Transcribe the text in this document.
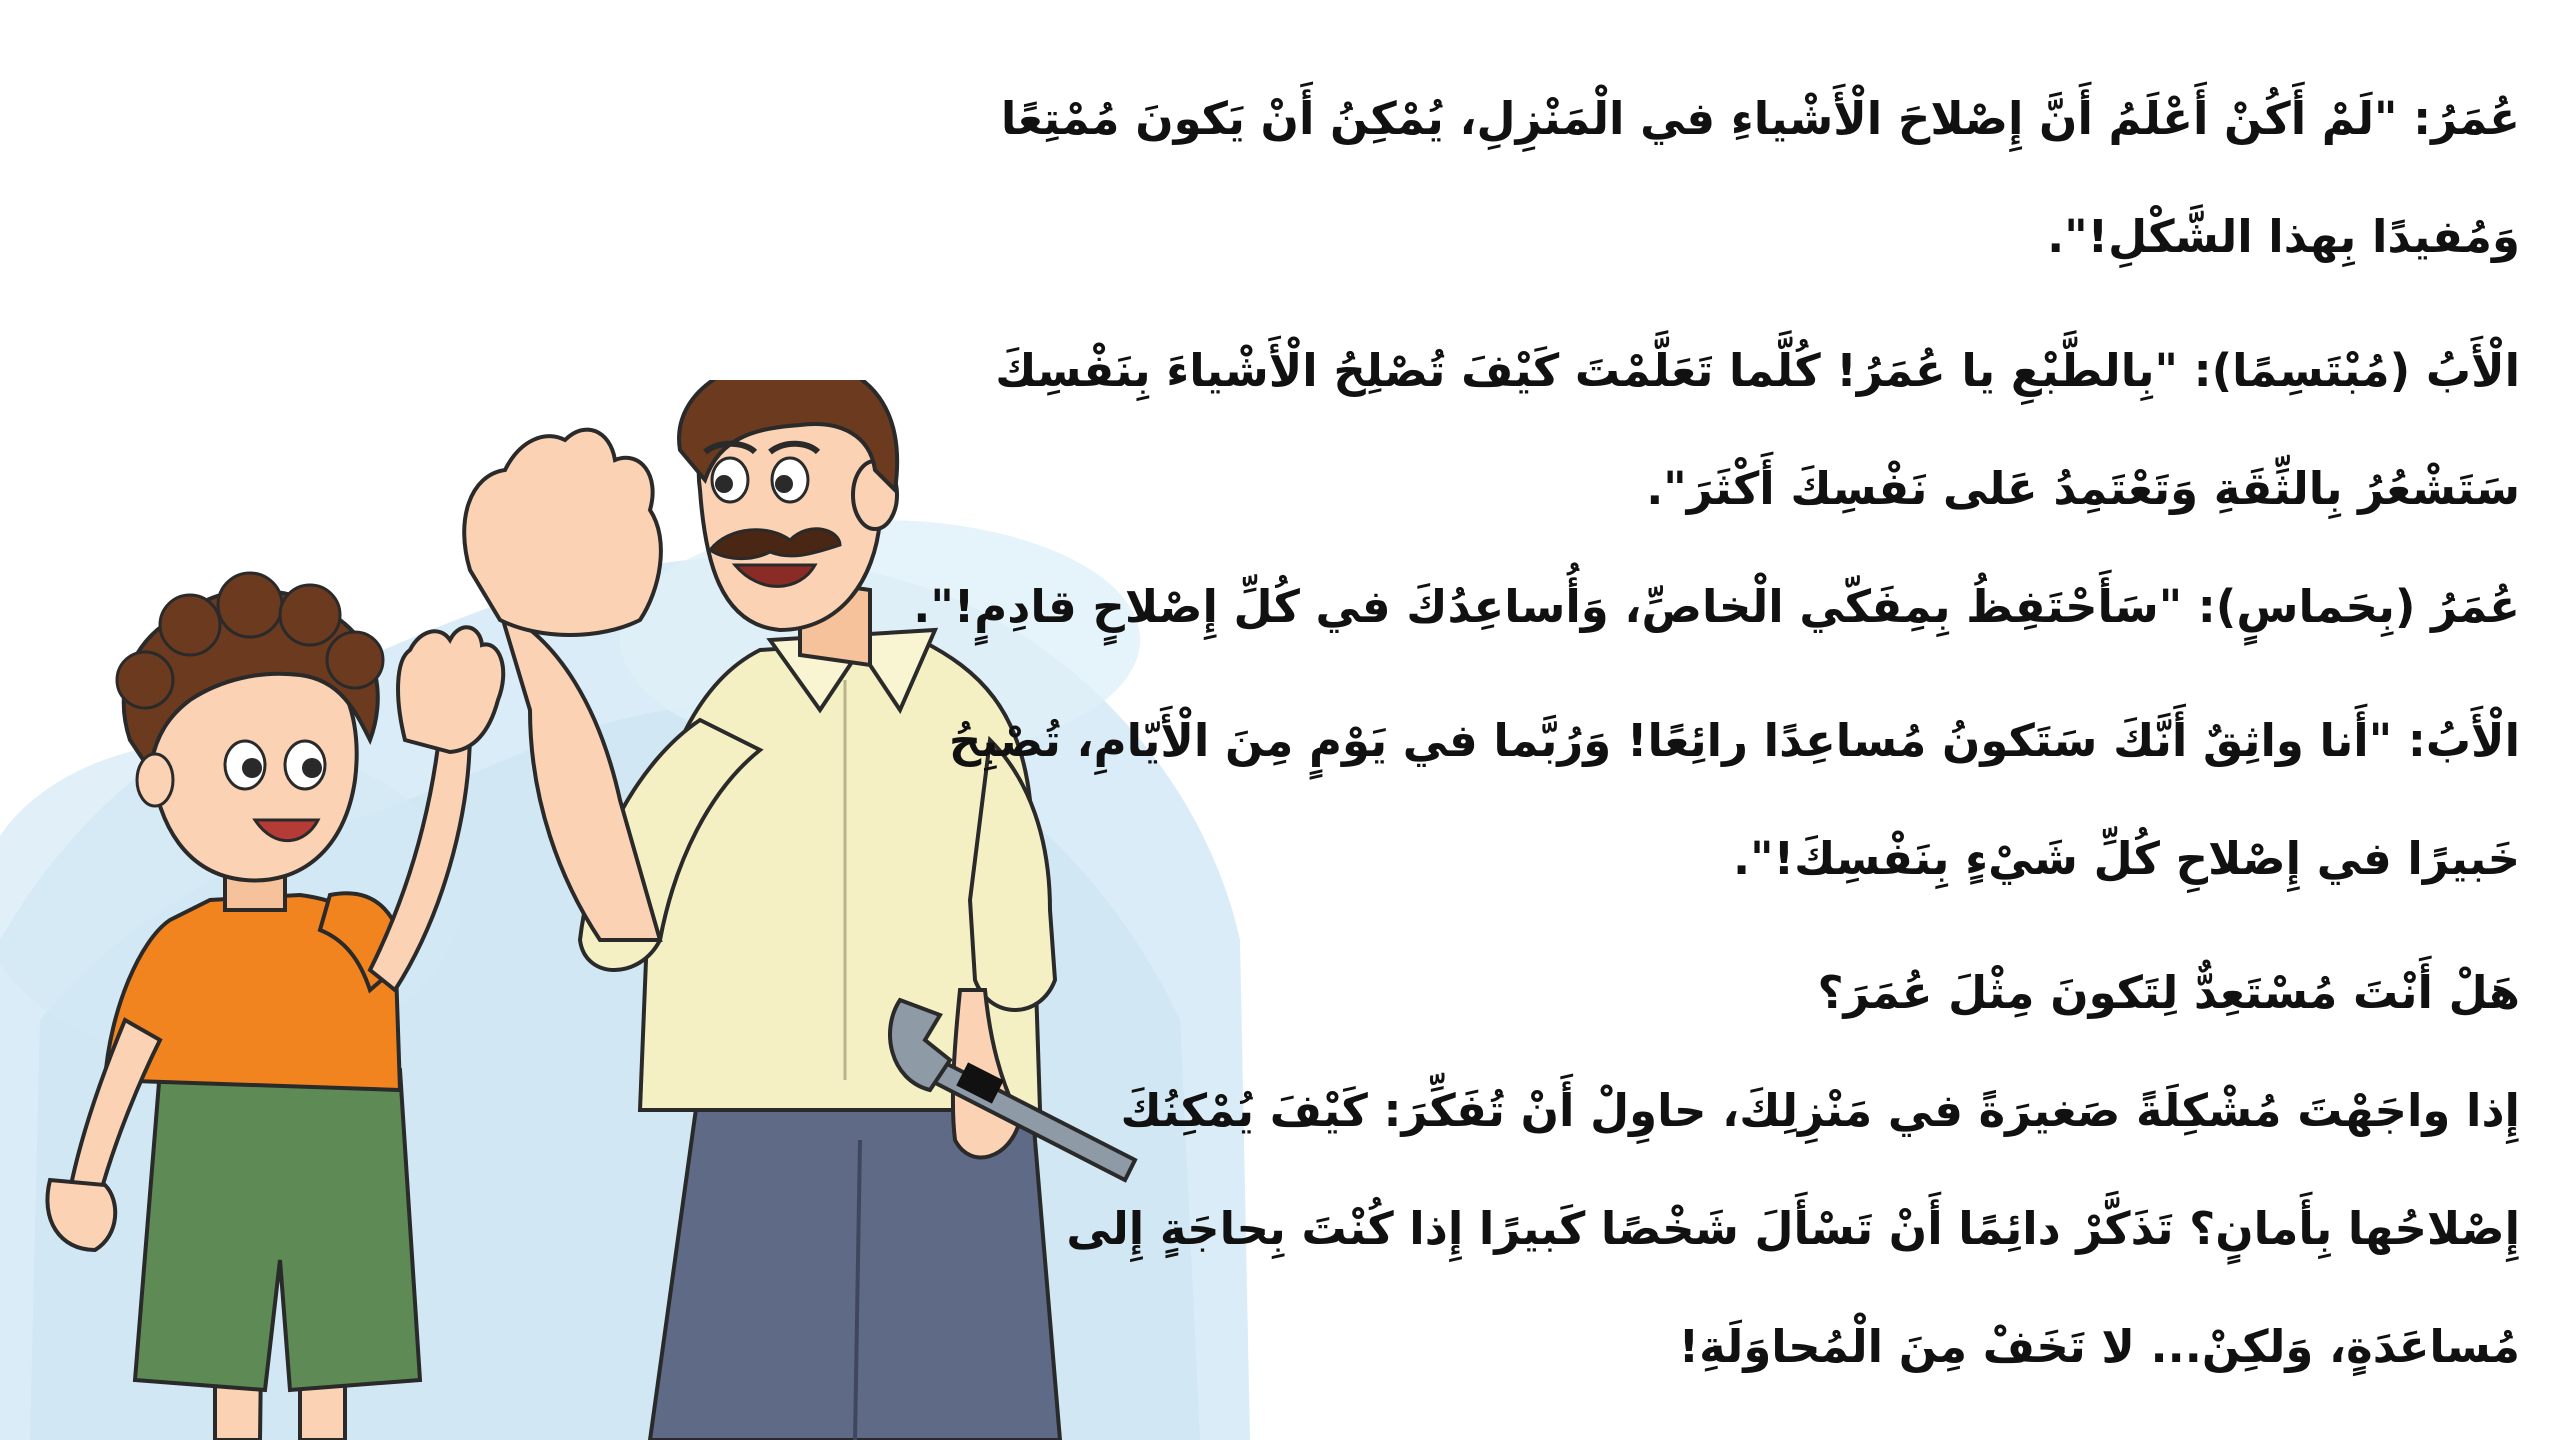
عُمَرُ: "لَمْ أَكُنْ أَعْلَمُ أَنَّ إِصْلاحَ الْأَشْياءِ في الْمَنْزِلِ، يُمْكِنُ أَنْ يَكونَ مُمْتِعًا

وَمُفيدًا بِهذا الشَّكْلِ!".

الْأَبُ (مُبْتَسِمًا): "بِالطَّبْعِ يا عُمَرُ! كُلَّما تَعَلَّمْتَ كَيْفَ تُصْلِحُ الْأَشْياءَ بِنَفْسِكَ

سَتَشْعُرُ بِالثِّقَةِ وَتَعْتَمِدُ عَلى نَفْسِكَ أَكْثَرَ".

عُمَرُ (بِحَماسٍ): "سَأَحْتَفِظُ بِمِفَكّي الْخاصِّ، وَأُساعِدُكَ في كُلِّ إِصْلاحٍ قادِمٍ!".

الْأَبُ: "أَنا واثِقٌ أَنَّكَ سَتَكونُ مُساعِدًا رائِعًا! وَرُبَّما في يَوْمٍ مِنَ الْأَيّامِ، تُصْبِحُ

خَبيرًا في إِصْلاحِ كُلِّ شَيْءٍ بِنَفْسِكَ!".

هَلْ أَنْتَ مُسْتَعِدٌّ لِتَكونَ مِثْلَ عُمَرَ؟

إِذا واجَهْتَ مُشْكِلَةً صَغيرَةً في مَنْزِلِكَ، حاوِلْ أَنْ تُفَكِّرَ: كَيْفَ يُمْكِنُكَ

إِصْلاحُها بِأَمانٍ؟ تَذَكَّرْ دائِمًا أَنْ تَسْأَلَ شَخْصًا كَبيرًا إِذا كُنْتَ بِحاجَةٍ إِلى

مُساعَدَةٍ، وَلكِنْ... لا تَخَفْ مِنَ الْمُحاوَلَةِ!
